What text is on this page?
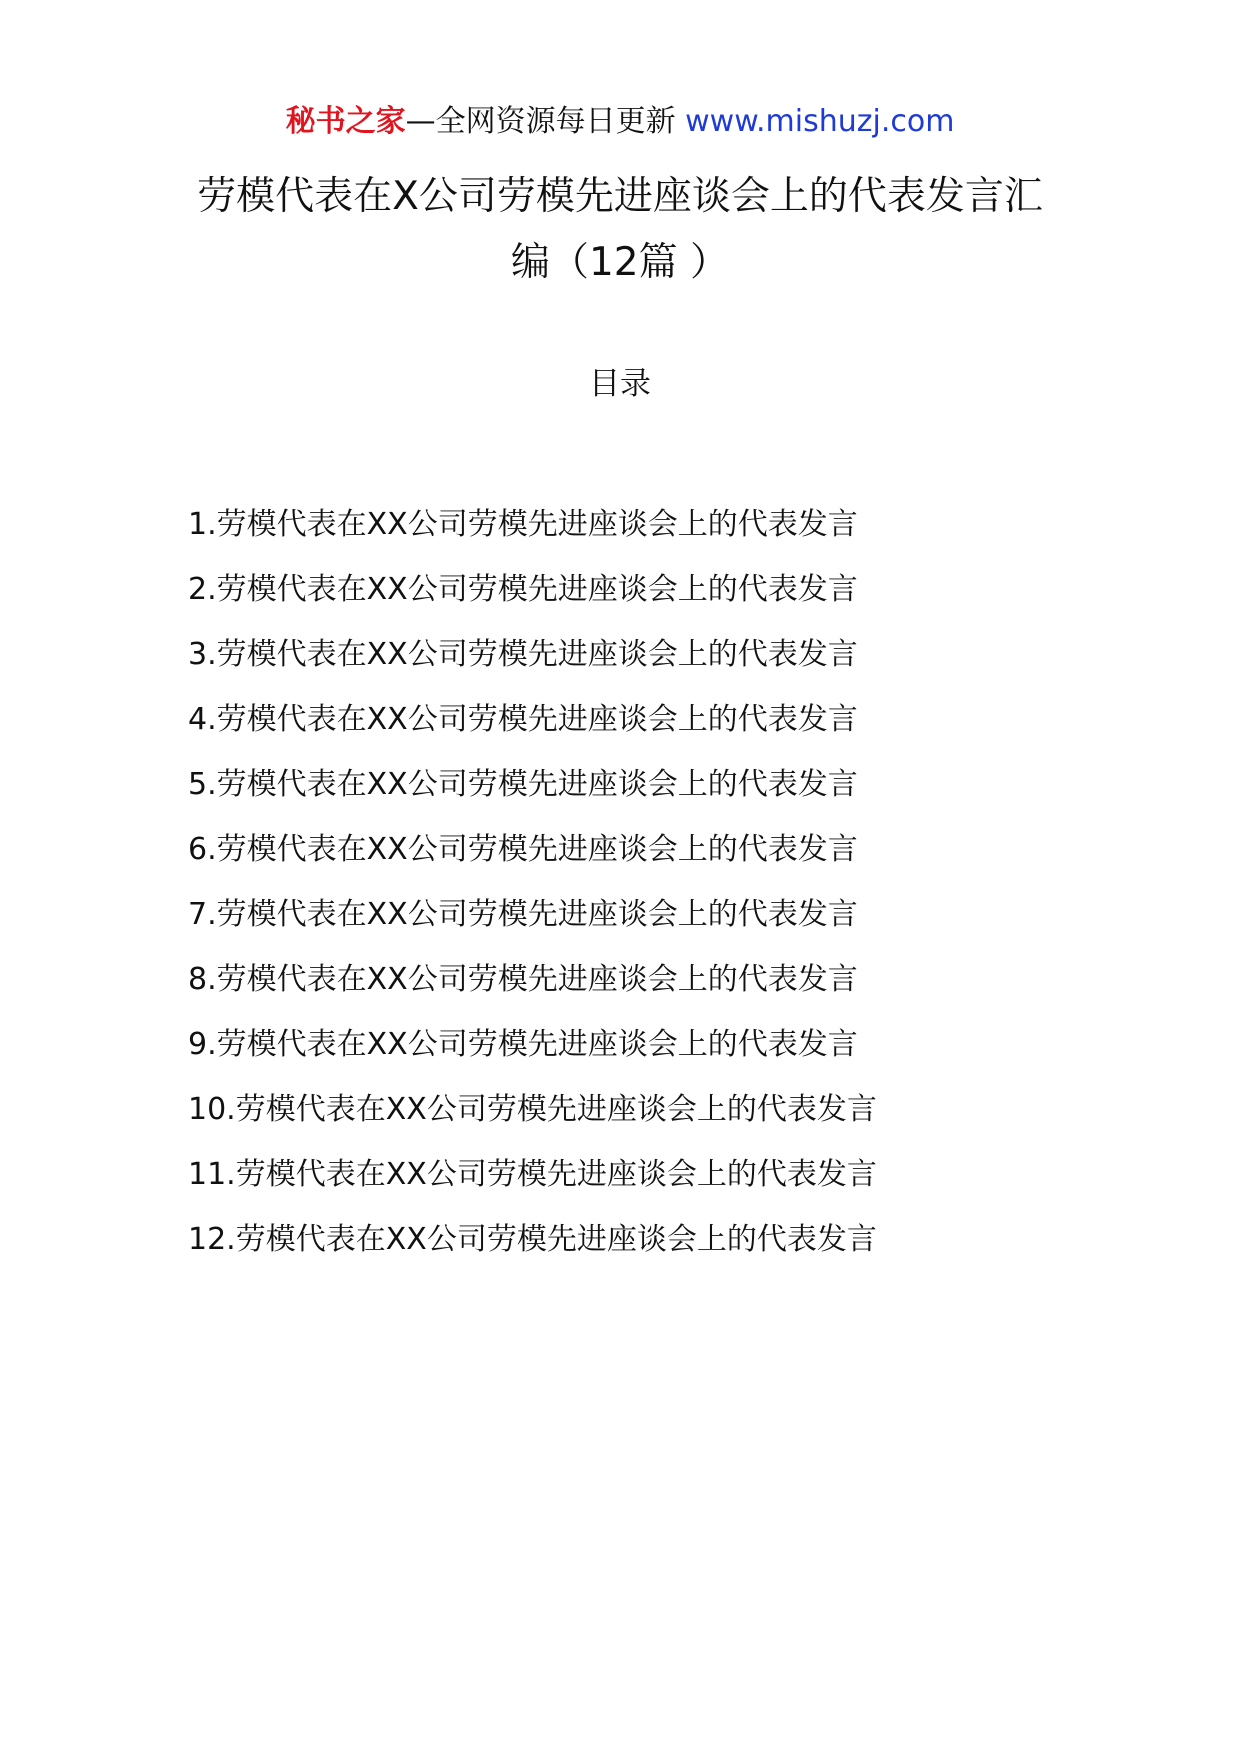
秘书之家—全网资源每日更新 www.mishuzj.com
劳模代表在X公司劳模先进座谈会上的代表发言汇编（12篇 ）
目录
1.劳模代表在XX公司劳模先进座谈会上的代表发言
2.劳模代表在XX公司劳模先进座谈会上的代表发言
3.劳模代表在XX公司劳模先进座谈会上的代表发言
4.劳模代表在XX公司劳模先进座谈会上的代表发言
5.劳模代表在XX公司劳模先进座谈会上的代表发言
6.劳模代表在XX公司劳模先进座谈会上的代表发言
7.劳模代表在XX公司劳模先进座谈会上的代表发言
8.劳模代表在XX公司劳模先进座谈会上的代表发言
9.劳模代表在XX公司劳模先进座谈会上的代表发言
10.劳模代表在XX公司劳模先进座谈会上的代表发言
11.劳模代表在XX公司劳模先进座谈会上的代表发言
12.劳模代表在XX公司劳模先进座谈会上的代表发言
